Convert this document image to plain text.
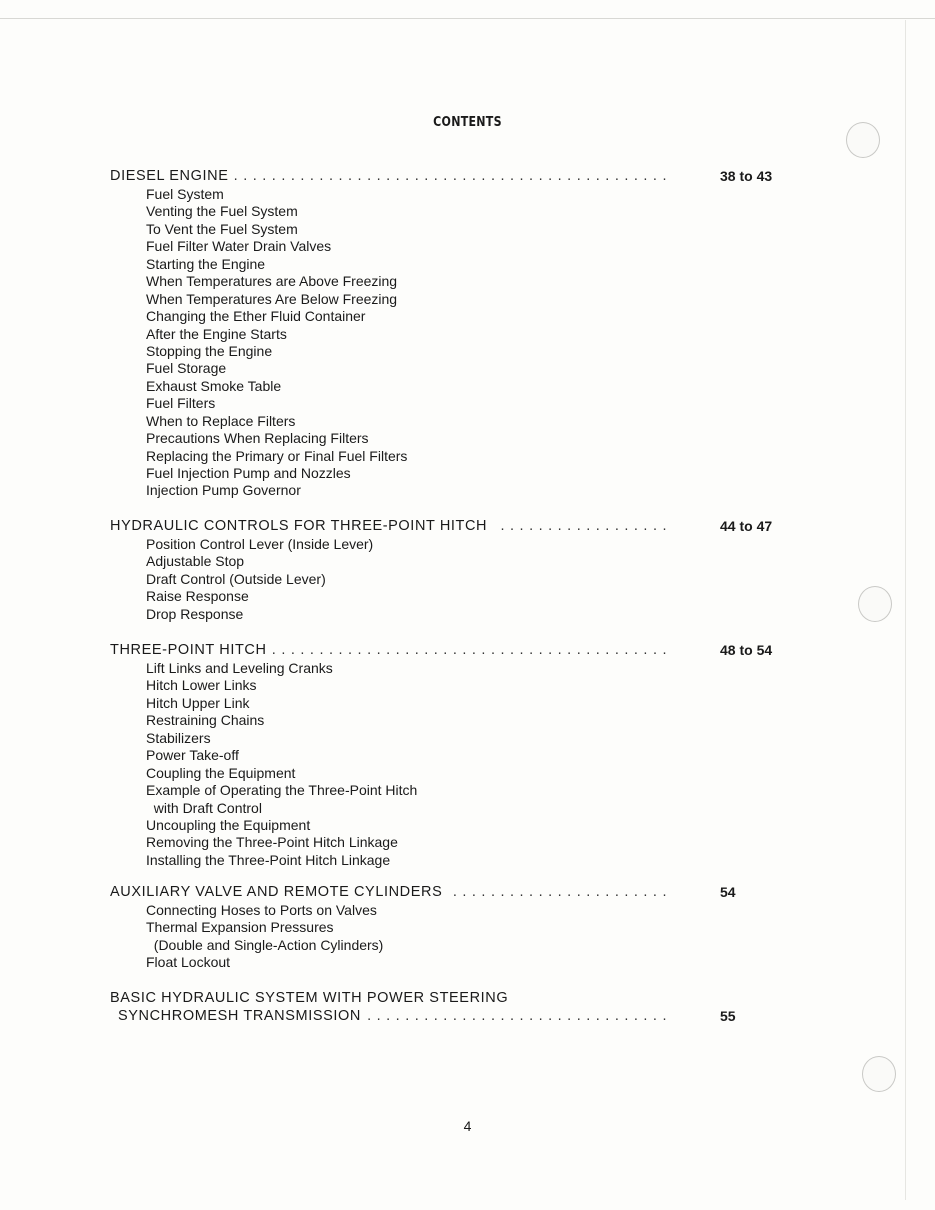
CONTENTS
DIESEL ENGINE ..............................................	38 to 43
Fuel System
Venting the Fuel System
To Vent the Fuel System
Fuel Filter Water Drain Valves
Starting the Engine
When Temperatures are Above Freezing
When Temperatures Are Below Freezing
Changing the Ether Fluid Container
After the Engine Starts
Stopping the Engine
Fuel Storage
Exhaust Smoke Table
Fuel Filters
When to Replace Filters
Precautions When Replacing Filters
Replacing the Primary or Final Fuel Filters
Fuel Injection Pump and Nozzles
Injection Pump Governor
HYDRAULIC CONTROLS FOR THREE-POINT HITCH ..................	44 to 47
Position Control Lever (Inside Lever)
Adjustable Stop
Draft Control (Outside Lever)
Raise Response
Drop Response
THREE-POINT HITCH ..........................................	48 to 54
Lift Links and Leveling Cranks
Hitch Lower Links
Hitch Upper Link
Restraining Chains
Stabilizers
Power Take-off
Coupling the Equipment
Example of Operating the Three-Point Hitch
with Draft Control
Uncoupling the Equipment
Removing the Three-Point Hitch Linkage
Installing the Three-Point Hitch Linkage
AUXILIARY VALVE AND REMOTE CYLINDERS .......................	54
Connecting Hoses to Ports on Valves
Thermal Expansion Pressures
(Double and Single-Action Cylinders)
Float Lockout
BASIC HYDRAULIC SYSTEM WITH POWER STEERING
SYNCHROMESH TRANSMISSION ................................	55
4
